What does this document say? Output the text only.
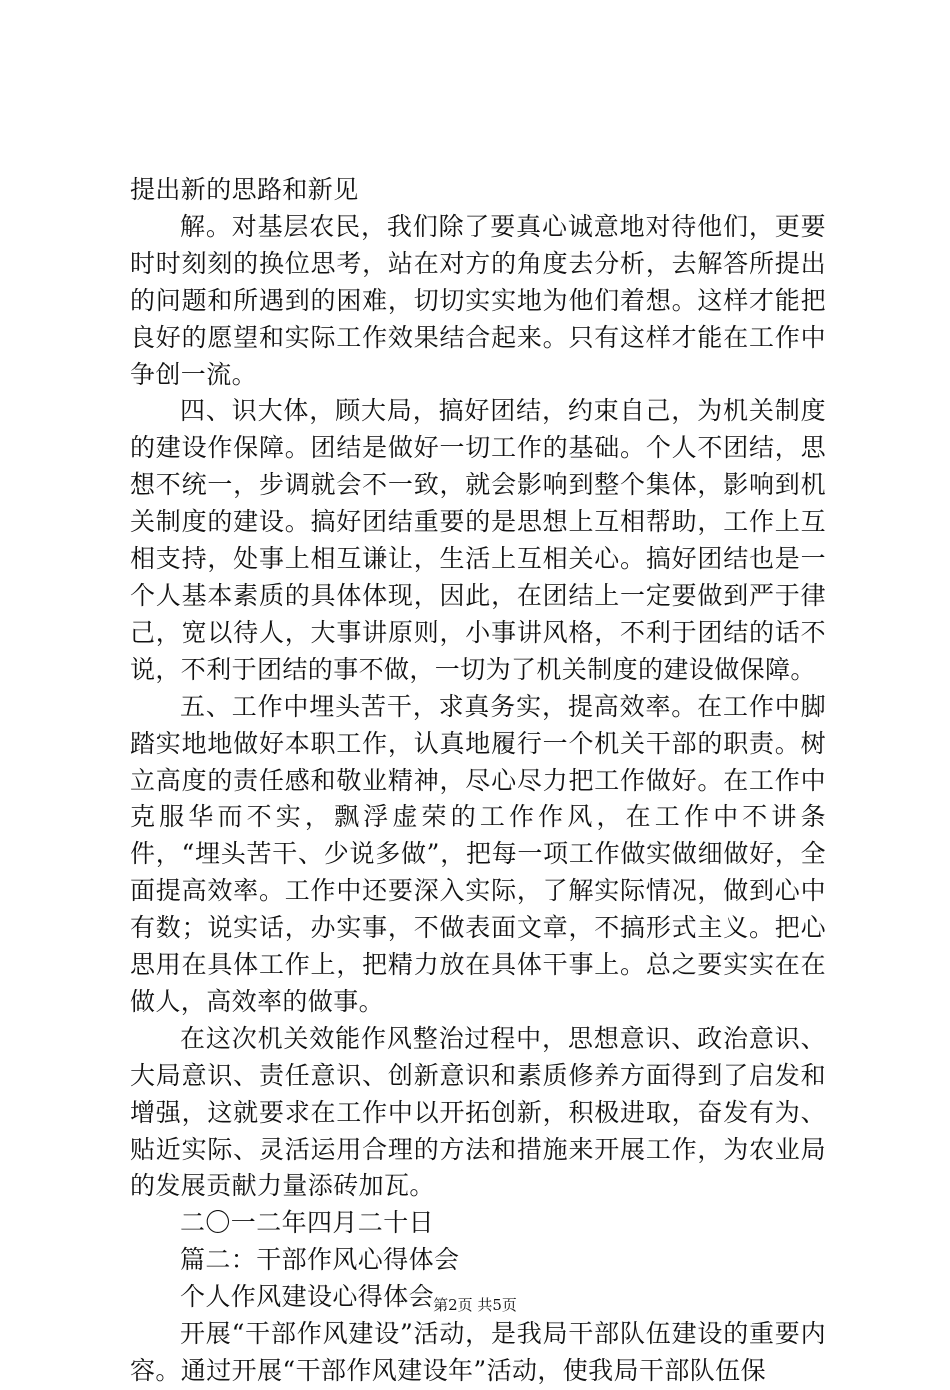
提出新的思路和新见

解。对基层农民，我们除了要真心诚意地对待他们，更要时时刻刻的换位思考，站在对方的角度去分析，去解答所提出的问题和所遇到的困难，切切实实地为他们着想。这样才能把良好的愿望和实际工作效果结合起来。只有这样才能在工作中争创一流。

四、识大体，顾大局，搞好团结，约束自己，为机关制度的建设作保障。团结是做好一切工作的基础。个人不团结，思想不统一，步调就会不一致，就会影响到整个集体，影响到机关制度的建设。搞好团结重要的是思想上互相帮助，工作上互相支持，处事上相互谦让，生活上互相关心。搞好团结也是一个人基本素质的具体体现，因此，在团结上一定要做到严于律己，宽以待人，大事讲原则，小事讲风格，不利于团结的话不说，不利于团结的事不做，一切为了机关制度的建设做保障。

五、工作中埋头苦干，求真务实，提高效率。在工作中脚踏实地地做好本职工作，认真地履行一个机关干部的职责。树立高度的责任感和敬业精神，尽心尽力把工作做好。在工作中克服华而不实，飘浮虚荣的工作作风，在工作中不讲条件，“埋头苦干、少说多做”，把每一项工作做实做细做好，全面提高效率。工作中还要深入实际，了解实际情况，做到心中有数；说实话，办实事，不做表面文章，不搞形式主义。把心思用在具体工作上，把精力放在具体干事上。总之要实实在在做人，高效率的做事。

在这次机关效能作风整治过程中，思想意识、政治意识、大局意识、责任意识、创新意识和素质修养方面得到了启发和增强，这就要求在工作中以开拓创新，积极进取，奋发有为、贴近实际、灵活运用合理的方法和措施来开展工作，为农业局的发展贡献力量添砖加瓦。

二〇一二年四月二十日

篇二：干部作风心得体会

个人作风建设心得体会

开展“干部作风建设”活动，是我局干部队伍建设的重要内容。通过开展“干部作风建设年”活动，使我局干部队伍保

第2页 共5页
